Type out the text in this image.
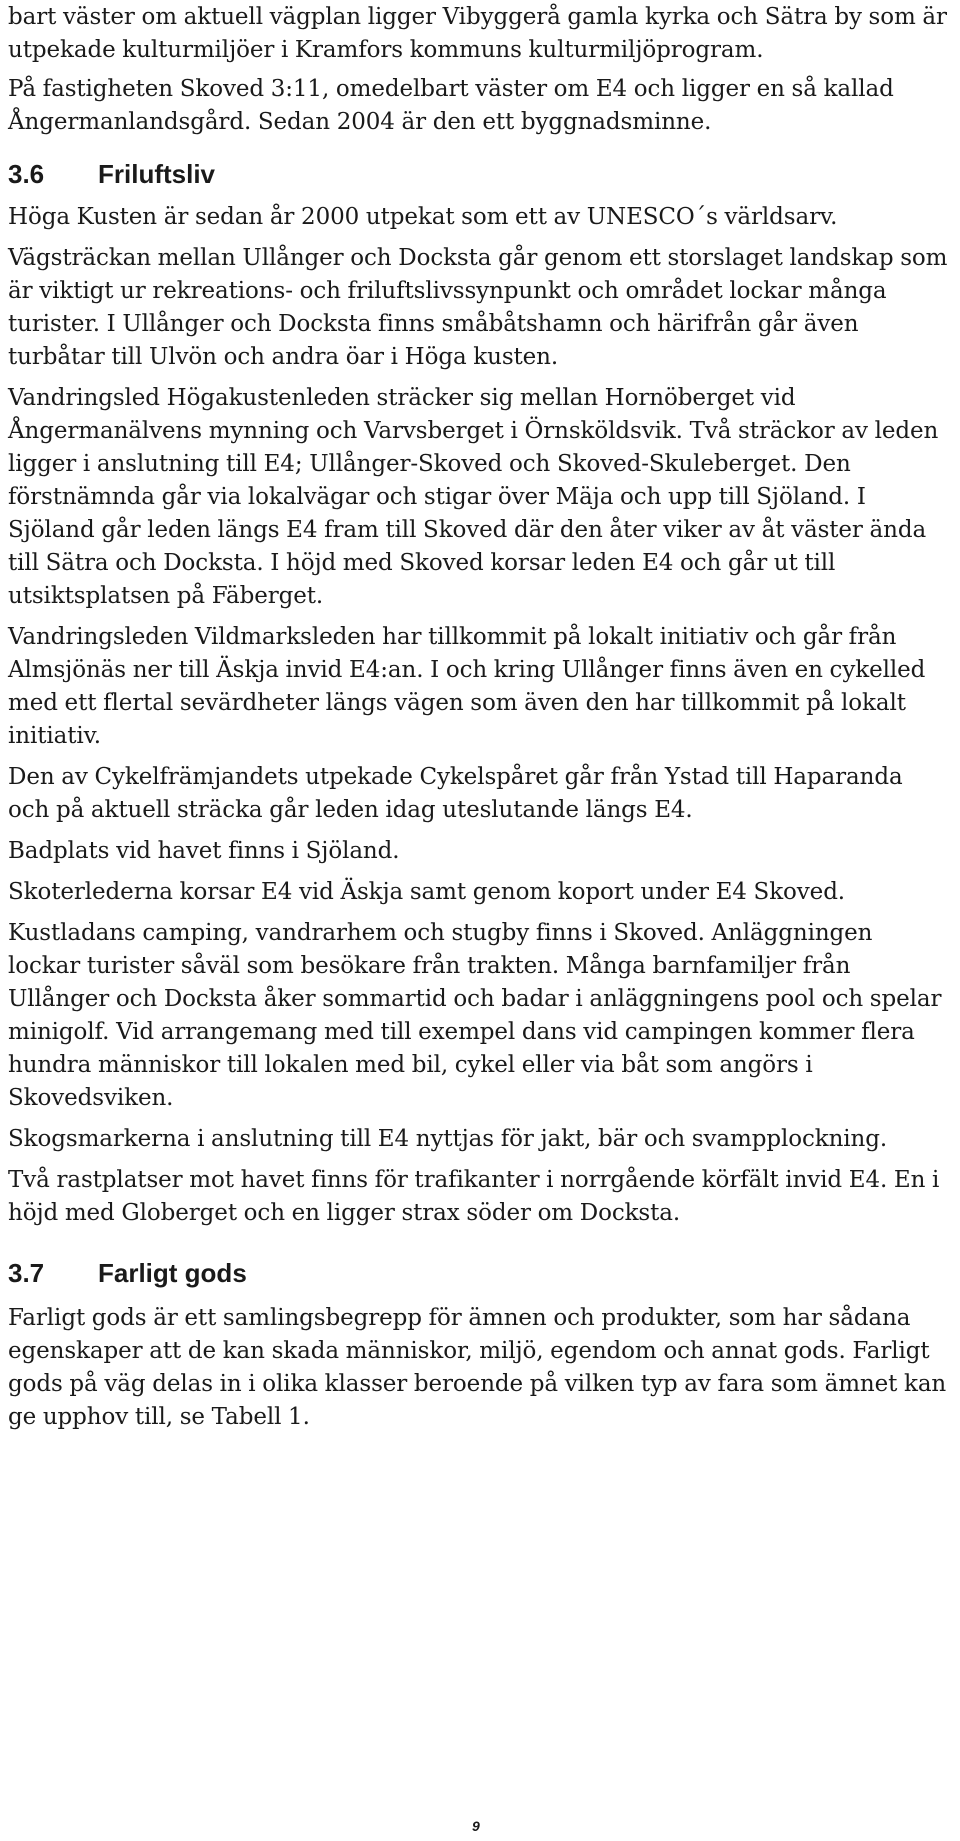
bart väster om aktuell vägplan ligger Vibyggerå gamla kyrka och Sätra by som är utpekade kulturmiljöer i Kramfors kommuns kulturmiljöprogram.

På fastigheten Skoved 3:11, omedelbart väster om E4 och ligger en så kallad Ångermanlandsgård. Sedan 2004 är den ett byggnadsminne.

3.6 Friluftsliv

Höga Kusten är sedan år 2000 utpekat som ett av UNESCO´s världsarv.

Vägsträckan mellan Ullånger och Docksta går genom ett storslaget landskap som är viktigt ur rekreations- och friluftslivssynpunkt och området lockar många turister. I Ullånger och Docksta finns småbåtshamn och härifrån går även turbåtar till Ulvön och andra öar i Höga kusten.

Vandringsled Högakustenleden sträcker sig mellan Hornöberget vid Ångermanälvens mynning och Varvsberget i Örnsköldsvik. Två sträckor av leden ligger i anslutning till E4; Ullånger-Skoved och Skoved-Skuleberget. Den förstnämnda går via lokalvägar och stigar över Mäja och upp till Sjöland. I Sjöland går leden längs E4 fram till Skoved där den åter viker av åt väster ända till Sätra och Docksta. I höjd med Skoved korsar leden E4 och går ut till utsiktsplatsen på Fäberget.

Vandringsleden Vildmarksleden har tillkommit på lokalt initiativ och går från Almsjönäs ner till Äskja invid E4:an. I och kring Ullånger finns även en cykelled med ett flertal sevärdheter längs vägen som även den har tillkommit på lokalt initiativ.

Den av Cykelfrämjandets utpekade Cykelspåret går från Ystad till Haparanda och på aktuell sträcka går leden idag uteslutande längs E4.

Badplats vid havet finns i Sjöland.

Skoterlederna korsar E4 vid Äskja samt genom koport under E4 Skoved.

Kustladans camping, vandrarhem och stugby finns i Skoved. Anläggningen lockar turister såväl som besökare från trakten. Många barnfamiljer från Ullånger och Docksta åker sommartid och badar i anläggningens pool och spelar minigolf. Vid arrangemang med till exempel dans vid campingen kommer flera hundra människor till lokalen med bil, cykel eller via båt som angörs i Skovedsviken.

Skogsmarkerna i anslutning till E4 nyttjas för jakt, bär och svampplockning.

Två rastplatser mot havet finns för trafikanter i norrgående körfält invid E4. En i höjd med Globerget och en ligger strax söder om Docksta.

3.7 Farligt gods

Farligt gods är ett samlingsbegrepp för ämnen och produkter, som har sådana egenskaper att de kan skada människor, miljö, egendom och annat gods. Farligt gods på väg delas in i olika klasser beroende på vilken typ av fara som ämnet kan ge upphov till, se Tabell 1.

9
